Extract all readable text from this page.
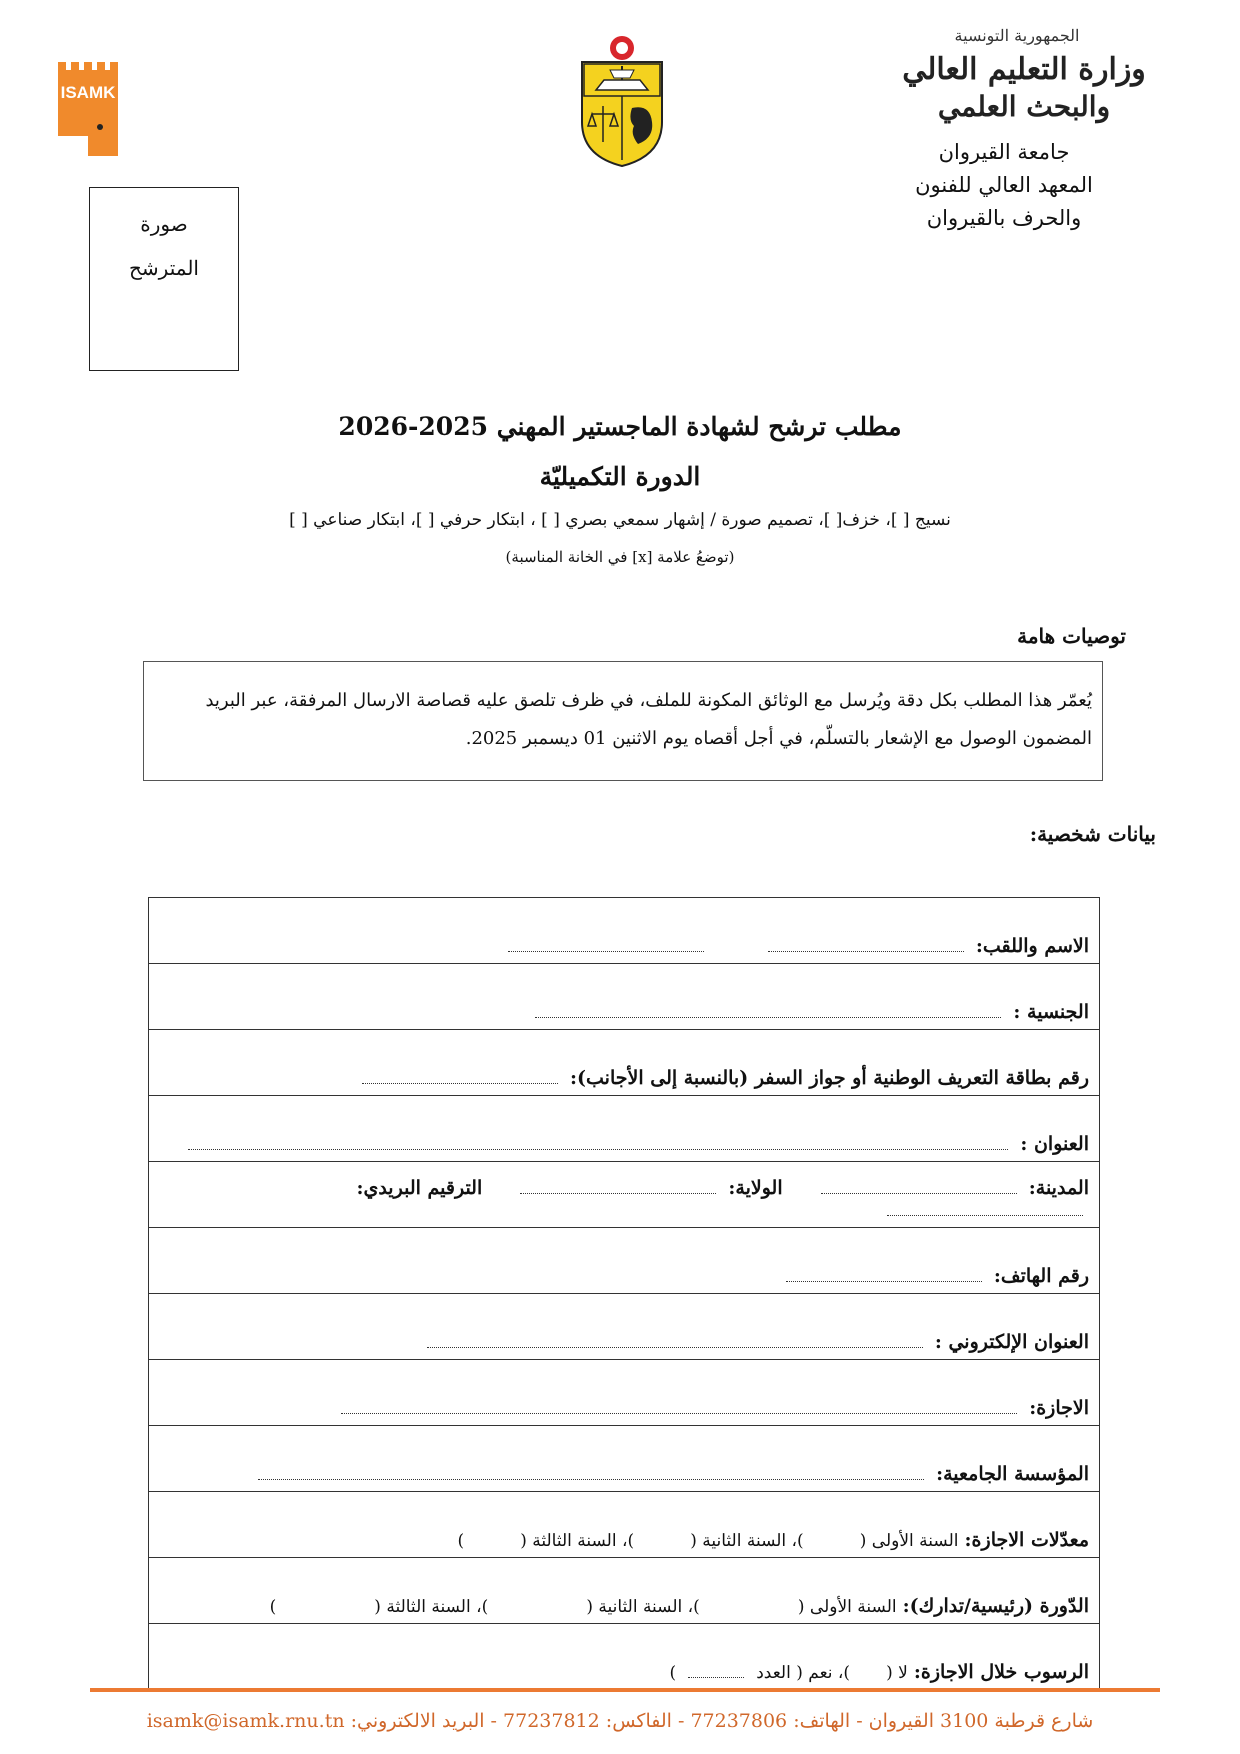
ISAMK
الجمهورية التونسية
وزارة التعليم العالي
والبحث العلمي
جامعة القيروان
المعهد العالي للفنون
والحرف بالقيروان
صورة
المترشح
مطلب ترشح لشهادة الماجستير المهني 2025-2026
الدورة التكميليّة
نسيج [ ]، خزف[ ]، تصميم صورة / إشهار سمعي بصري [ ] ، ابتكار حرفي [ ]، ابتكار صناعي [ ]
(توضعُ علامة [x] في الخانة المناسبة)
توصيات هامة
يُعمّر هذا المطلب بكل دقة ويُرسل مع الوثائق المكونة للملف، في ظرف تلصق عليه قصاصة الارسال المرفقة، عبر البريد المضمون الوصول مع الإشعار بالتسلّم، في أجل أقصاه يوم الاثنين 01 ديسمبر 2025.
بيانات شخصية:
الاسم واللقب:
الجنسية :
رقم بطاقة التعريف الوطنية أو جواز السفر (بالنسبة إلى الأجانب):
العنوان :
المدينة:   الولاية:   الترقيم البريدي:
رقم الهاتف:
العنوان الإلكتروني :
الاجازة:
المؤسسة الجامعية:
معدّلات الاجازة: السنة الأولى (  )، السنة الثانية (  )، السنة الثالثة (  )
الدّورة (رئيسية/تدارك): السنة الأولى (  )، السنة الثانية (  )، السنة الثالثة (  )
الرسوب خلال الاجازة: لا (  )، نعم ( العدد  )
شارع قرطبة 3100 القيروان - الهاتف: 77237806 - الفاكس: 77237812 - البريد الالكتروني: isamk@isamk.rnu.tn
